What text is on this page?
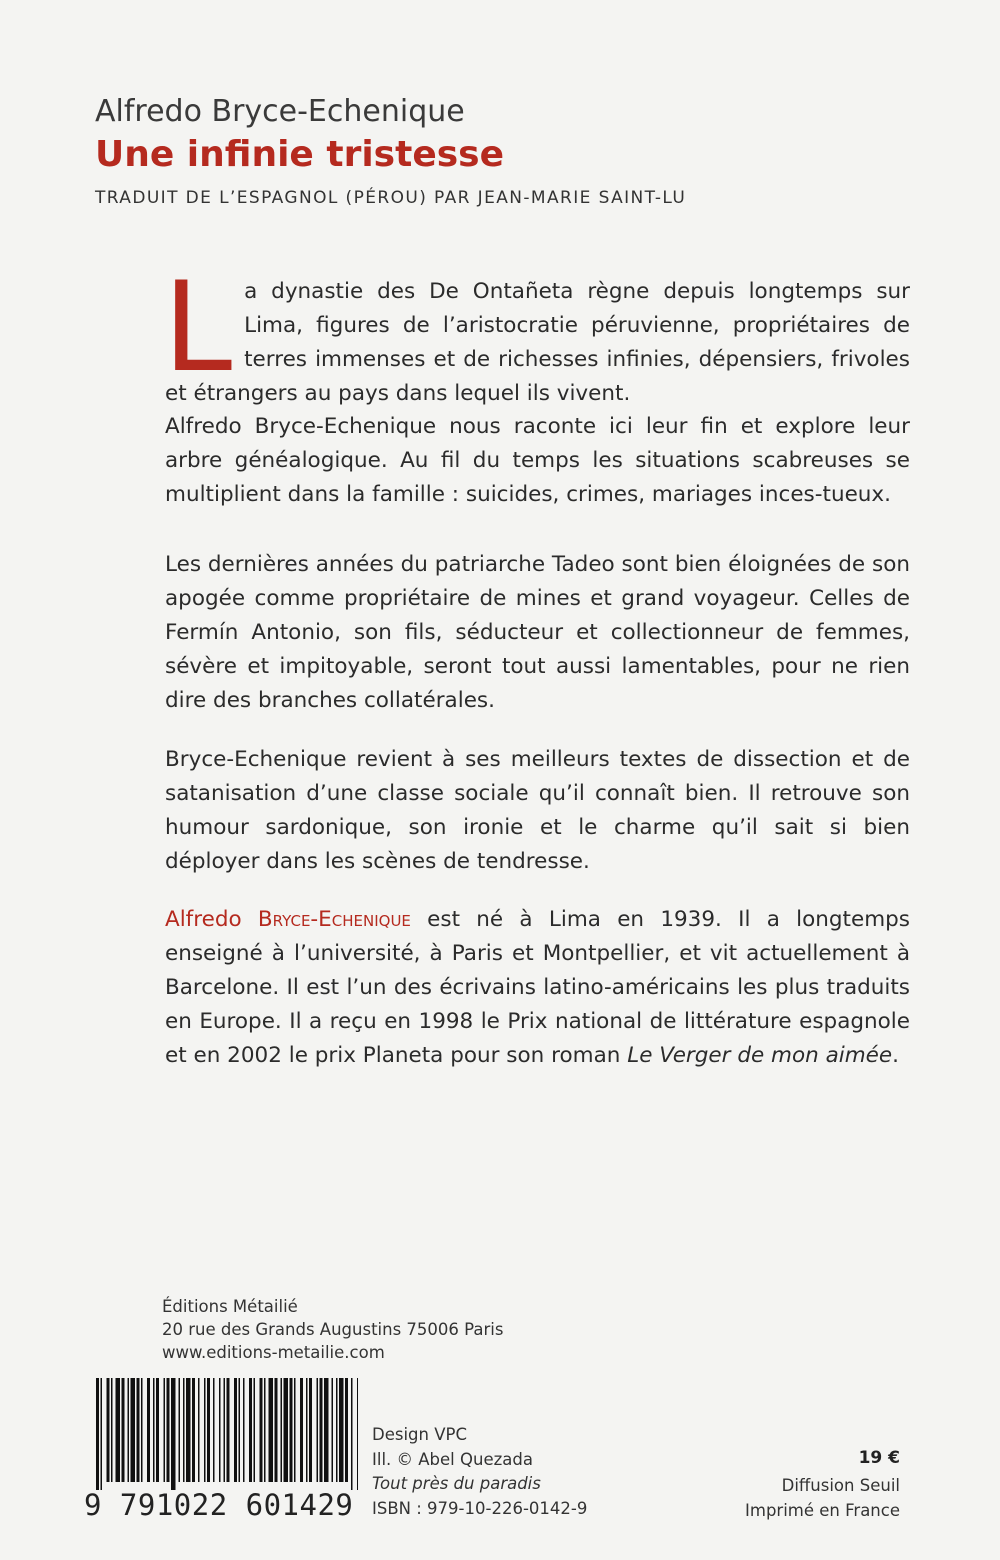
Alfredo Bryce-Echenique
Une infinie tristesse
TRADUIT DE L’ESPAGNOL (PÉROU) PAR JEAN-MARIE SAINT-LU
L a dynastie des De Ontañeta règne depuis longtemps sur Lima, figures de l’aristocratie péruvienne, propriétaires de terres immenses et de richesses infinies, dépensiers, frivoles et étrangers au pays dans lequel ils vivent.

Alfredo Bryce-Echenique nous raconte ici leur fin et explore leur arbre généalogique. Au fil du temps les situations scabreuses se multiplient dans la famille : suicides, crimes, mariages inces-tueux.

Les dernières années du patriarche Tadeo sont bien éloignées de son apogée comme propriétaire de mines et grand voyageur. Celles de Fermín Antonio, son fils, séducteur et collectionneur de femmes, sévère et impitoyable, seront tout aussi lamentables, pour ne rien dire des branches collatérales.

Bryce-Echenique revient à ses meilleurs textes de dissection et de satanisation d’une classe sociale qu’il connaît bien. Il retrouve son humour sardonique, son ironie et le charme qu’il sait si bien déployer dans les scènes de tendresse.

Alfredo Bryce-Echenique est né à Lima en 1939. Il a longtemps enseigné à l’université, à Paris et Montpellier, et vit actuellement à Barcelone. Il est l’un des écrivains latino-américains les plus traduits en Europe. Il a reçu en 1998 le Prix national de littérature espagnole et en 2002 le prix Planeta pour son roman Le Verger de mon aimée.

Éditions Métailié
20 rue des Grands Augustins 75006 Paris
www.editions-metailie.com
9 791022 601429
Design VPC
Ill. © Abel Quezada
Tout près du paradis
ISBN : 979-10-226-0142-9
19 €
Diffusion Seuil
Imprimé en France
